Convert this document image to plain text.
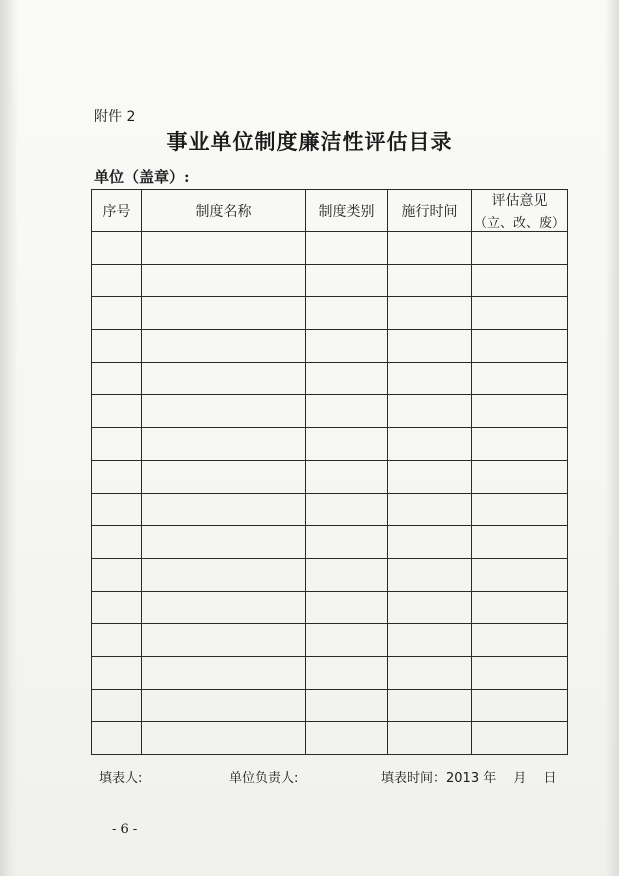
附件 2
事业单位制度廉洁性评估目录
单位（盖章）:
序号	制度名称	制度类别	施行时间	评估意见
（立、改、废）

填表人:	单位负责人:	填表时间：2013 年　 月　 日
- 6 -
